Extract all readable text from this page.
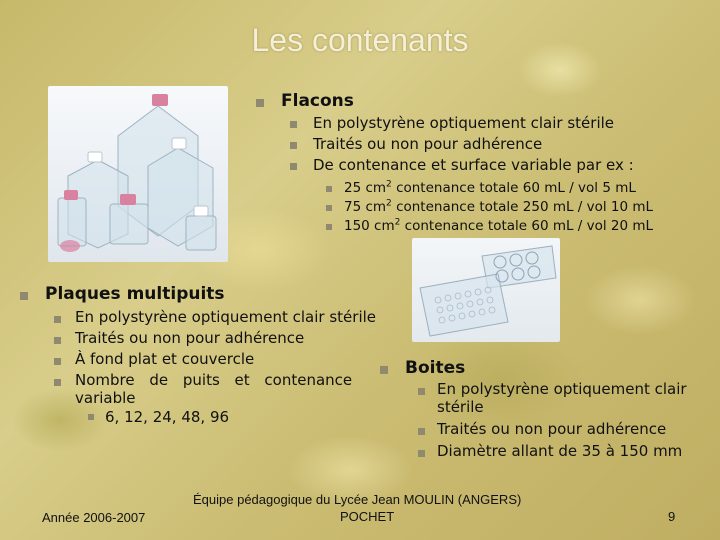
Les contenants
Flacons
En polystyrène optiquement clair stérile
Traités ou non pour adhérence
De contenance et surface variable par ex :
25 $cm^2$ contenance totale 60 mL / vol 5 mL
75 $cm^2$ contenance totale 250 mL / vol 10 mL
150 $cm^2$ contenance totale 60 mL / vol 20 mL
Plaques multipuits
En polystyrène optiquement clair stérile
Traités ou non pour adhérence
À fond plat et couvercle
Nombre de puits et contenance
variable
6, 12, 24, 48, 96
Boites
En polystyrène optiquement clair
stérile
Traités ou non pour adhérence
Diamètre allant de 35 à 150 mm
Année 2006-2007
Équipe pédagogique du Lycée Jean MOULIN (ANGERS)
POCHET	9
